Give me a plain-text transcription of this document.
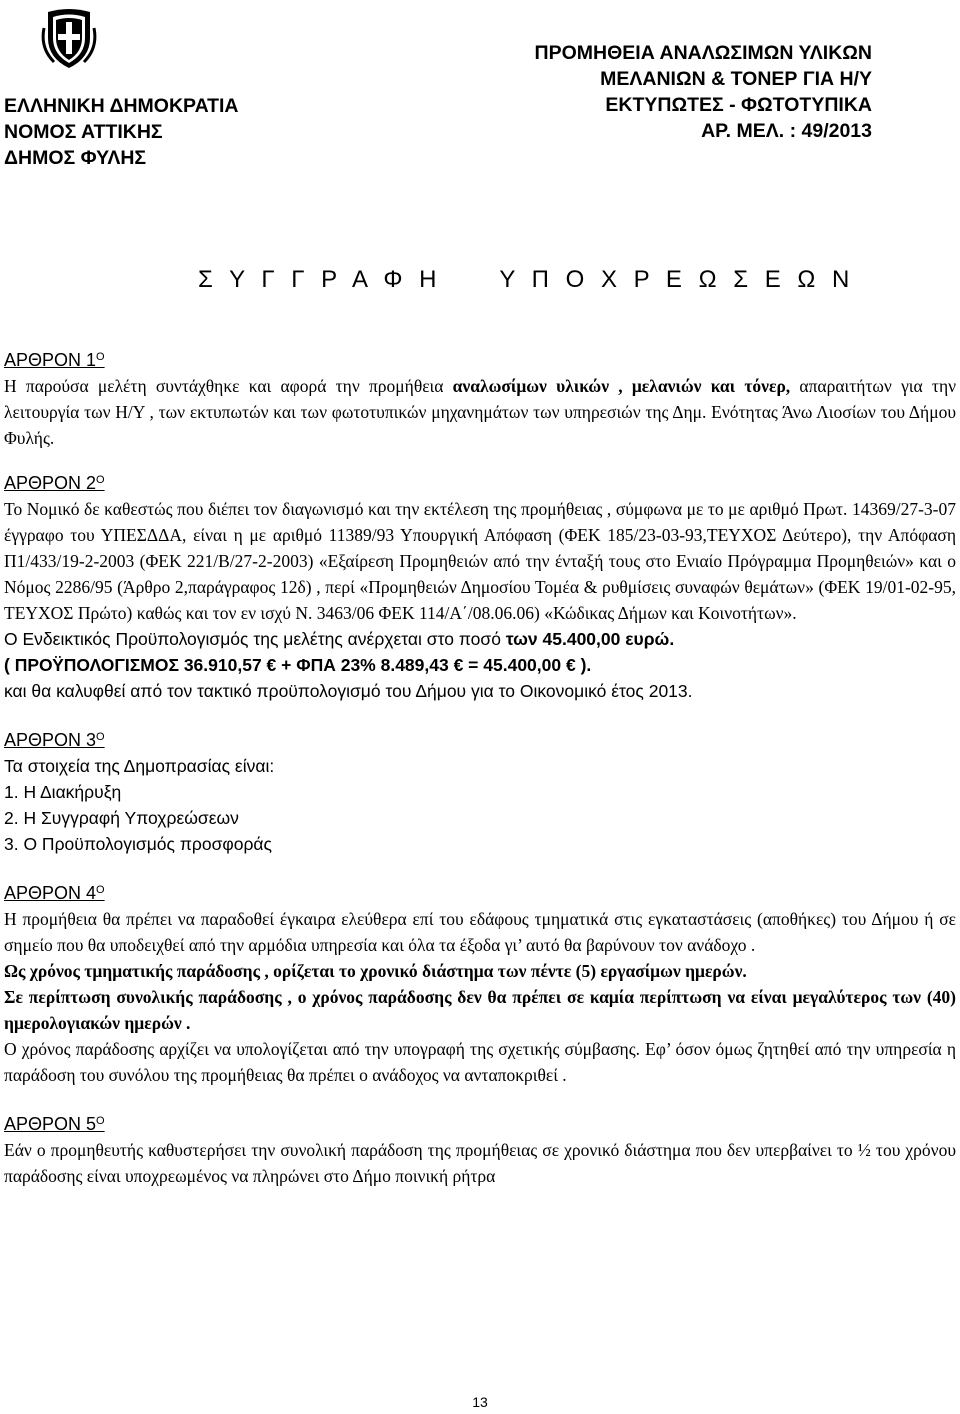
ΕΛΛΗΝΙΚΗ ΔΗΜΟΚΡΑΤΙΑ
ΝΟΜΟΣ ΑΤΤΙΚΗΣ
ΔΗΜΟΣ ΦΥΛΗΣ
ΠΡΟΜΗΘΕΙΑ ΑΝΑΛΩΣΙΜΩΝ ΥΛΙΚΩΝ
ΜΕΛΑΝΙΩΝ & ΤΟΝΕΡ ΓΙΑ Η/Υ
ΕΚΤΥΠΩΤΕΣ - ΦΩΤΟΤΥΠΙΚΑ
ΑΡ. ΜΕΛ. : 49/2013
Σ Υ Γ Γ Ρ Α Φ Η     Υ Π Ο Χ Ρ Ε Ω Σ Ε Ω Ν
ΑΡΘΡΟΝ $1^O$

Η παρούσα μελέτη συντάχθηκε και αφορά την προμήθεια αναλωσίμων υλικών , μελανιών και τόνερ, απαραιτήτων για την λειτουργία των Η/Υ , των εκτυπωτών και των φωτοτυπικών μηχανημάτων των υπηρεσιών της Δημ. Ενότητας Άνω Λιοσίων του Δήμου Φυλής.

ΑΡΘΡΟΝ $2^O$

Το Νομικό δε καθεστώς που διέπει τον διαγωνισμό και την εκτέλεση της προμήθειας , σύμφωνα με το με αριθμό Πρωτ. 14369/27-3-07 έγγραφο του ΥΠΕΣΔΔΑ, είναι η με αριθμό 11389/93 Υπουργική Απόφαση (ΦΕΚ 185/23-03-93,ΤΕΥΧΟΣ Δεύτερο), την Απόφαση Π1/433/19-2-2003 (ΦΕΚ 221/Β/27-2-2003) «Εξαίρεση Προμηθειών από την ένταξή τους στο Ενιαίο Πρόγραμμα Προμηθειών» και ο Νόμος 2286/95 (Άρθρο 2,παράγραφος 12δ) , περί «Προμηθειών Δημοσίου Τομέα & ρυθμίσεις συναφών θεμάτων» (ΦΕΚ 19/01-02-95, ΤΕΥΧΟΣ Πρώτο) καθώς και τον εν ισχύ Ν. 3463/06 ΦΕΚ 114/Α΄/08.06.06) «Κώδικας Δήμων και Κοινοτήτων».

Ο Ενδεικτικός Προϋπολογισμός της μελέτης ανέρχεται στο ποσό των 45.400,00 ευρώ.

( ΠΡΟΫΠΟΛΟΓΙΣΜΟΣ 36.910,57 € + ΦΠΑ 23% 8.489,43 € = 45.400,00 € ).

και θα καλυφθεί από τον τακτικό προϋπολογισμό του Δήμου για το Οικονομικό έτος 2013.

ΑΡΘΡΟΝ $3^O$

Τα στοιχεία της Δημοπρασίας είναι:

1. Η Διακήρυξη

2. Η Συγγραφή Υποχρεώσεων

3. Ο Προϋπολογισμός προσφοράς

ΑΡΘΡΟΝ $4^O$

Η προμήθεια θα πρέπει να παραδοθεί έγκαιρα ελεύθερα επί του εδάφους τμηματικά στις εγκαταστάσεις (αποθήκες) του Δήμου ή σε σημείο που θα υποδειχθεί από την αρμόδια υπηρεσία και όλα τα έξοδα γι’ αυτό θα βαρύνουν τον ανάδοχο .

Ως χρόνος τμηματικής παράδοσης , ορίζεται το χρονικό διάστημα των πέντε (5) εργασίμων ημερών.

Σε περίπτωση συνολικής παράδοσης , ο χρόνος παράδοσης δεν θα πρέπει σε καμία περίπτωση να είναι μεγαλύτερος των (40) ημερολογιακών ημερών .

Ο χρόνος παράδοσης αρχίζει να υπολογίζεται από την υπογραφή της σχετικής σύμβασης. Εφ’ όσον όμως ζητηθεί από την υπηρεσία η παράδοση του συνόλου της προμήθειας θα πρέπει ο ανάδοχος να ανταποκριθεί .

ΑΡΘΡΟΝ $5^O$

Εάν ο προμηθευτής καθυστερήσει την συνολική παράδοση της προμήθειας σε χρονικό διάστημα που δεν υπερβαίνει το ½ του χρόνου παράδοσης είναι υποχρεωμένος να πληρώνει στο Δήμο ποινική ρήτρα

13
